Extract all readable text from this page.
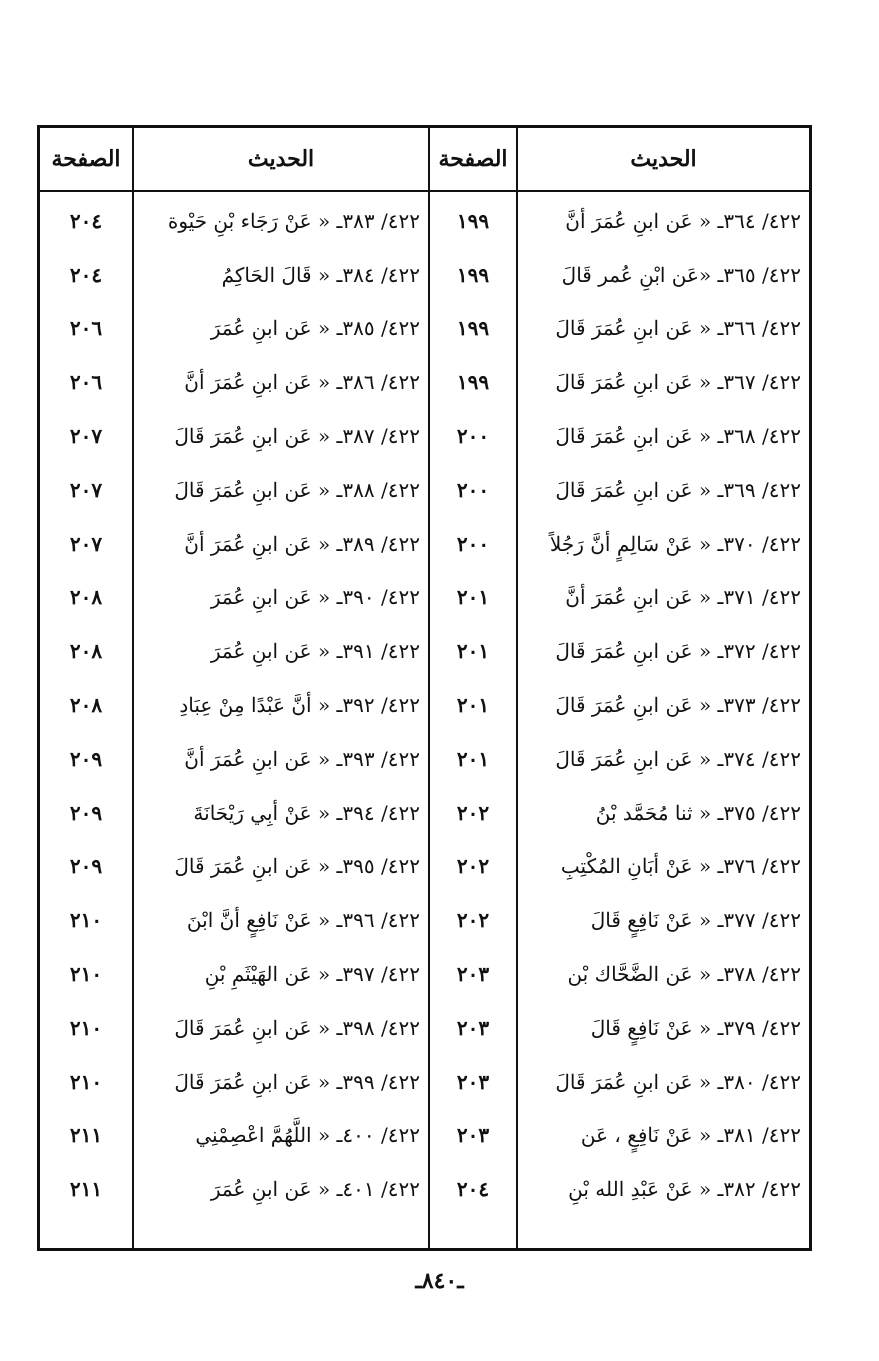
الصفحة
٢٠٤
٢٠٤
٢٠٦
٢٠٦
٢٠٧
٢٠٧
٢٠٧
٢٠٨
٢٠٨
٢٠٨
٢٠٩
٢٠٩
٢٠٩
٢١٠
٢١٠
٢١٠
٢١٠
٢١١
٢١١
الحديث
٤٢٢/ ٣٨٣ـ « عَنْ رَجَاء بْنِ حَيْوة
٤٢٢/ ٣٨٤ـ « قَالَ الحَاكِمُ
٤٢٢/ ٣٨٥ـ « عَن ابنِ عُمَرَ
٤٢٢/ ٣٨٦ـ « عَن ابنِ عُمَرَ أنَّ
٤٢٢/ ٣٨٧ـ « عَن ابنِ عُمَرَ قَالَ
٤٢٢/ ٣٨٨ـ « عَن ابنِ عُمَرَ قَالَ
٤٢٢/ ٣٨٩ـ « عَن ابنِ عُمَرَ أنَّ
٤٢٢/ ٣٩٠ـ « عَن ابنِ عُمَرَ
٤٢٢/ ٣٩١ـ « عَن ابنِ عُمَرَ
٤٢٢/ ٣٩٢ـ « أنَّ عَبْدًا مِنْ عِبَادِ
٤٢٢/ ٣٩٣ـ « عَن ابنِ عُمَرَ أنَّ
٤٢٢/ ٣٩٤ـ « عَنْ أبِي رَيْحَانَةَ
٤٢٢/ ٣٩٥ـ « عَن ابنِ عُمَرَ قَالَ
٤٢٢/ ٣٩٦ـ « عَنْ نَافِعٍ أنَّ ابْنَ
٤٢٢/ ٣٩٧ـ « عَن الهَيْثَمِ بْنِ
٤٢٢/ ٣٩٨ـ « عَن ابنِ عُمَرَ قَالَ
٤٢٢/ ٣٩٩ـ « عَن ابنِ عُمَرَ قَالَ
٤٢٢/ ٤٠٠ـ « اللَّهُمَّ اعْصِمْنِي
٤٢٢/ ٤٠١ـ « عَن ابنِ عُمَرَ
الصفحة
١٩٩
١٩٩
١٩٩
١٩٩
٢٠٠
٢٠٠
٢٠٠
٢٠١
٢٠١
٢٠١
٢٠١
٢٠٢
٢٠٢
٢٠٢
٢٠٣
٢٠٣
٢٠٣
٢٠٣
٢٠٤
الحديث
٤٢٢/ ٣٦٤ـ « عَن ابنِ عُمَرَ أنَّ
٤٢٢/ ٣٦٥ـ «عَن ابْنِ عُمر قَالَ
٤٢٢/ ٣٦٦ـ « عَن ابنِ عُمَرَ قَالَ
٤٢٢/ ٣٦٧ـ « عَن ابنِ عُمَرَ قَالَ
٤٢٢/ ٣٦٨ـ « عَن ابنِ عُمَرَ قَالَ
٤٢٢/ ٣٦٩ـ « عَن ابنِ عُمَرَ قَالَ
٤٢٢/ ٣٧٠ـ « عَنْ سَالِمٍ أنَّ رَجُلاً
٤٢٢/ ٣٧١ـ « عَن ابنِ عُمَرَ أنَّ
٤٢٢/ ٣٧٢ـ « عَن ابنِ عُمَرَ قَالَ
٤٢٢/ ٣٧٣ـ « عَن ابنِ عُمَرَ قَالَ
٤٢٢/ ٣٧٤ـ « عَن ابنِ عُمَرَ قَالَ
٤٢٢/ ٣٧٥ـ « ثنا مُحَمَّد بْنُ
٤٢٢/ ٣٧٦ـ « عَنْ أبَانِ المُكْتِبِ
٤٢٢/ ٣٧٧ـ « عَنْ نَافِعٍ قَالَ
٤٢٢/ ٣٧٨ـ « عَن الضَّحَّاك بْن
٤٢٢/ ٣٧٩ـ « عَنْ نَافِعٍ قَالَ
٤٢٢/ ٣٨٠ـ « عَن ابنِ عُمَرَ قَالَ
٤٢٢/ ٣٨١ـ « عَنْ نَافِعٍ ، عَن
٤٢٢/ ٣٨٢ـ « عَنْ عَبْدِ الله بْنِ
ـ٨٤٠ـ
